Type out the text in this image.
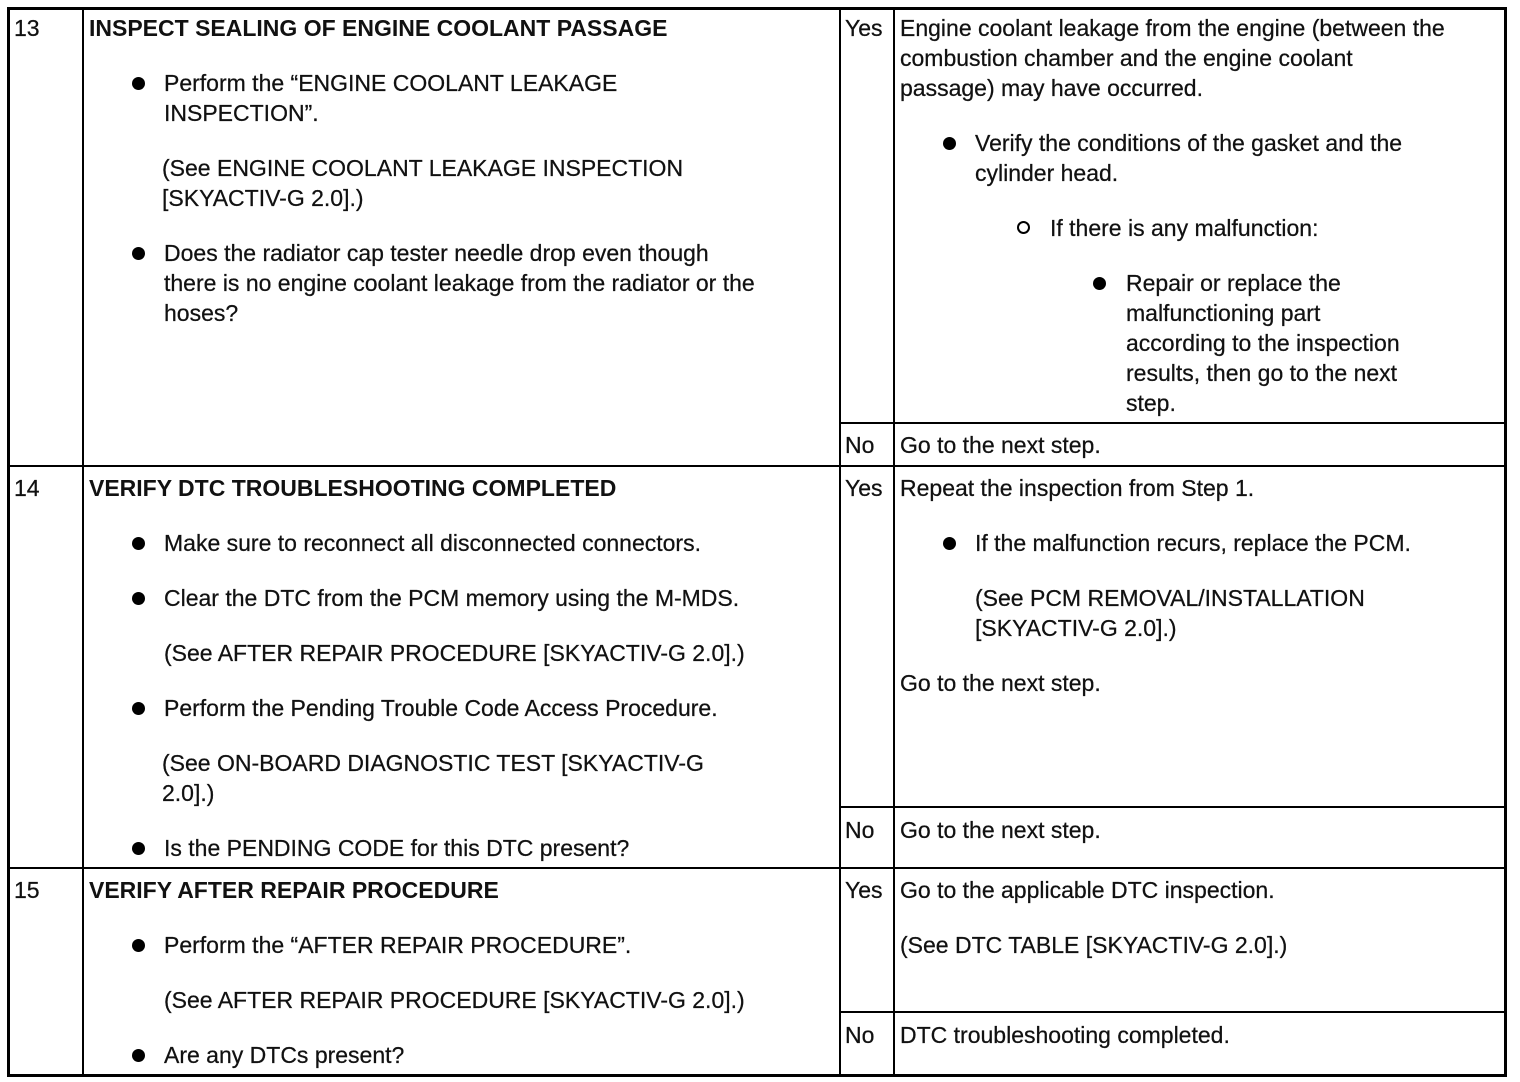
13 INSPECT SEALING OF ENGINE COOLANT PASSAGE
Perform the “ENGINE COOLANT LEAKAGE
INSPECTION”.
(See ENGINE COOLANT LEAKAGE INSPECTION
[SKYACTIV-G 2.0].)
Does the radiator cap tester needle drop even though
there is no engine coolant leakage from the radiator or the
hoses?
Yes Engine coolant leakage from the engine (between the
combustion chamber and the engine coolant
passage) may have occurred.
Verify the conditions of the gasket and the
cylinder head.
If there is any malfunction:
Repair or replace the
malfunctioning part
according to the inspection
results, then go to the next
step.
No Go to the next step.
14 VERIFY DTC TROUBLESHOOTING COMPLETED
Make sure to reconnect all disconnected connectors.
Clear the DTC from the PCM memory using the M-MDS.
(See AFTER REPAIR PROCEDURE [SKYACTIV-G 2.0].)
Perform the Pending Trouble Code Access Procedure.
(See ON-BOARD DIAGNOSTIC TEST [SKYACTIV-G
2.0].)
Is the PENDING CODE for this DTC present?
Yes Repeat the inspection from Step 1.
If the malfunction recurs, replace the PCM.
(See PCM REMOVAL/INSTALLATION
[SKYACTIV-G 2.0].)
Go to the next step.
No Go to the next step.
15 VERIFY AFTER REPAIR PROCEDURE
Perform the “AFTER REPAIR PROCEDURE”.
(See AFTER REPAIR PROCEDURE [SKYACTIV-G 2.0].)
Are any DTCs present?
Yes Go to the applicable DTC inspection.
(See DTC TABLE [SKYACTIV-G 2.0].)
No DTC troubleshooting completed.
